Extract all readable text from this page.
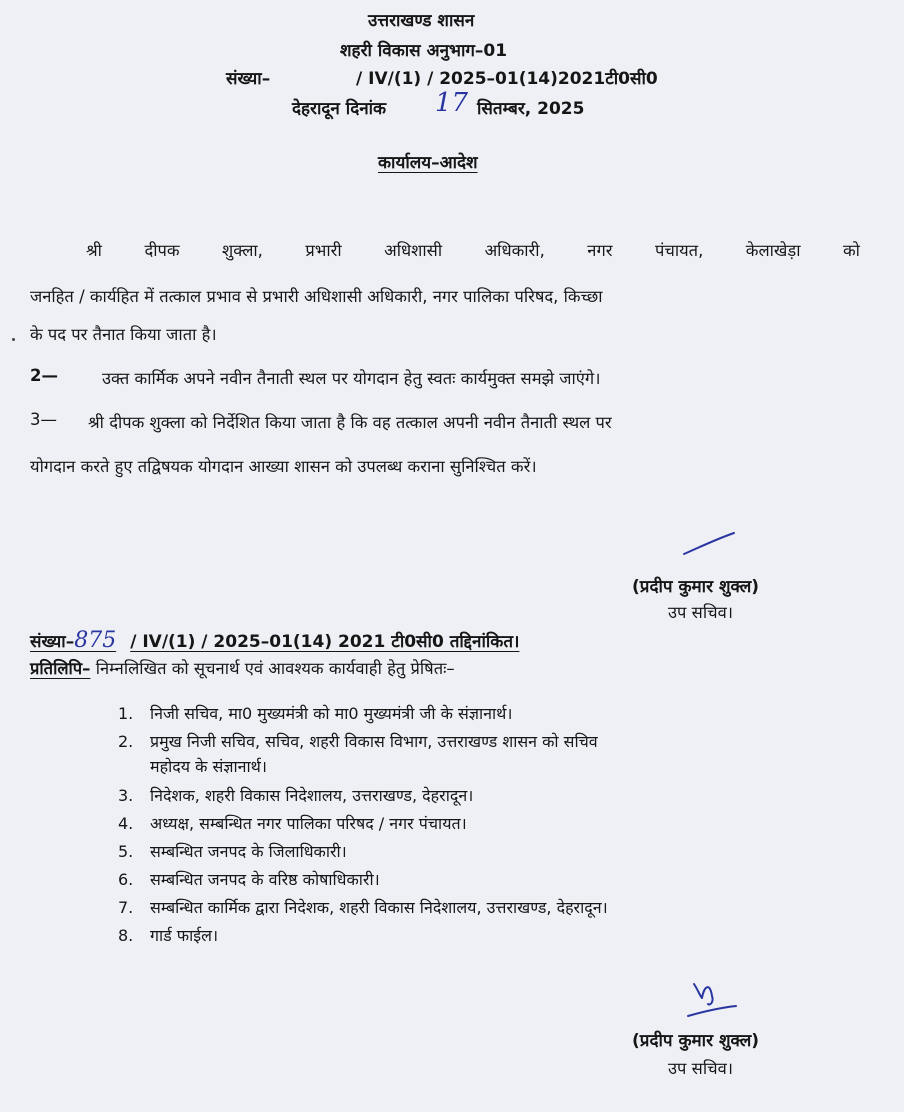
उत्तराखण्ड शासन
शहरी विकास अनुभाग–01
संख्या–	/ IV/(1) / 2025–01(14)2021टी0सी0
देहरादून दिनांक 17 सितम्बर, 2025
कार्यालय–आदेश
श्री	दीपक	शुक्ला,	प्रभारी	अधिशासी	अधिकारी,	नगर	पंचायत,	केलाखेड़ा	को
जनहित / कार्यहित में तत्काल प्रभाव से प्रभारी अधिशासी अधिकारी, नगर पालिका परिषद, किच्छा
के पद पर तैनात किया जाता है।
2—	उक्त कार्मिक अपने नवीन तैनाती स्थल पर योगदान हेतु स्वतः कार्यमुक्त समझे जाएंगे।
3— श्री दीपक शुक्ला को निर्देशित किया जाता है कि वह तत्काल अपनी नवीन तैनाती स्थल पर
योगदान करते हुए तद्विषयक योगदान आख्या शासन को उपलब्ध कराना सुनिश्चित करें।
(प्रदीप कुमार शुक्ल)
उप सचिव।
संख्या–875 / IV/(1) / 2025–01(14) 2021 टी0सी0 तद्दिनांकित।
प्रतिलिपि– निम्नलिखित को सूचनार्थ एवं आवश्यक कार्यवाही हेतु प्रेषितः–
1. निजी सचिव, मा0 मुख्यमंत्री को मा0 मुख्यमंत्री जी के संज्ञानार्थ।
2. प्रमुख निजी सचिव, सचिव, शहरी विकास विभाग, उत्तराखण्ड शासन को सचिव
महोदय के संज्ञानार्थ।
3. निदेशक, शहरी विकास निदेशालय, उत्तराखण्ड, देहरादून।
4. अध्यक्ष, सम्बन्धित नगर पालिका परिषद / नगर पंचायत।
5. सम्बन्धित जनपद के जिलाधिकारी।
6. सम्बन्धित जनपद के वरिष्ठ कोषाधिकारी।
7. सम्बन्धित कार्मिक द्वारा निदेशक, शहरी विकास निदेशालय, उत्तराखण्ड, देहरादून।
8. गार्ड फाईल।
(प्रदीप कुमार शुक्ल)
उप सचिव।
